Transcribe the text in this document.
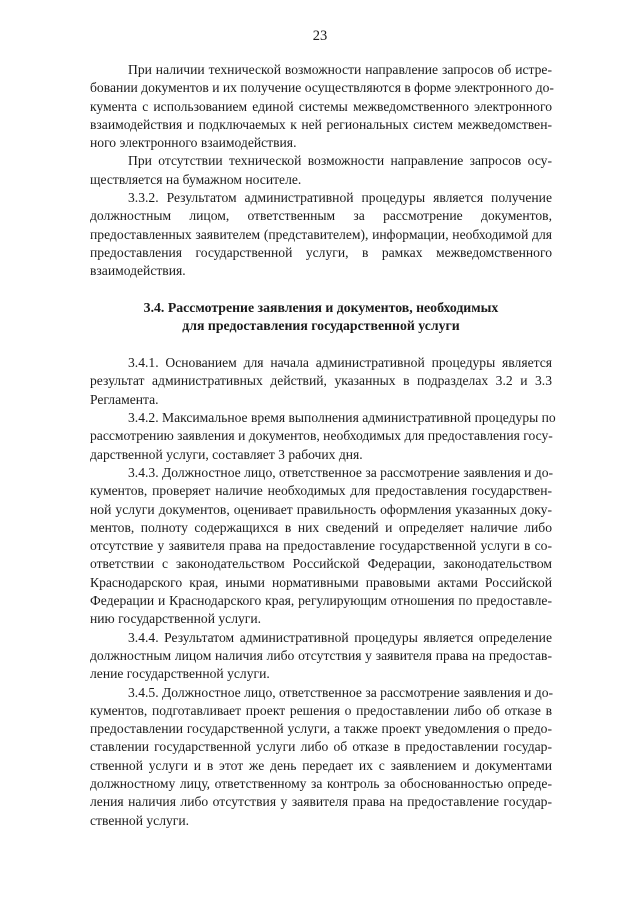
23
При наличии технической возможности направление запросов об истре-
бовании документов и их получение осуществляются в форме электронного до-
кумента с использованием единой системы межведомственного электронного
взаимодействия и подключаемых к ней региональных систем межведомствен-
ного электронного взаимодействия.
При отсутствии технической возможности направление запросов осу-
ществляется на бумажном носителе.
3.3.2. Результатом административной процедуры является получение
должностным лицом, ответственным за рассмотрение документов,
предоставленных заявителем (представителем), информации, необходимой для
предоставления государственной услуги, в рамках межведомственного
взаимодействия.
3.4. Рассмотрение заявления и документов, необходимых
для предоставления государственной услуги
3.4.1. Основанием для начала административной процедуры является
результат административных действий, указанных в подразделах 3.2 и 3.3
Регламента.
3.4.2. Максимальное время выполнения административной процедуры по
рассмотрению заявления и документов, необходимых для предоставления госу-
дарственной услуги, составляет 3 рабочих дня.
3.4.3. Должностное лицо, ответственное за рассмотрение заявления и до-
кументов, проверяет наличие необходимых для предоставления государствен-
ной услуги документов, оценивает правильность оформления указанных доку-
ментов, полноту содержащихся в них сведений и определяет наличие либо
отсутствие у заявителя права на предоставление государственной услуги в со-
ответствии с законодательством Российской Федерации, законодательством
Краснодарского края, иными нормативными правовыми актами Российской
Федерации и Краснодарского края, регулирующим отношения по предоставле-
нию государственной услуги.
3.4.4. Результатом административной процедуры является определение
должностным лицом наличия либо отсутствия у заявителя права на предостав-
ление государственной услуги.
3.4.5. Должностное лицо, ответственное за рассмотрение заявления и до-
кументов, подготавливает проект решения о предоставлении либо об отказе в
предоставлении государственной услуги, а также проект уведомления о предо-
ставлении государственной услуги либо об отказе в предоставлении государ-
ственной услуги и в этот же день передает их с заявлением и документами
должностному лицу, ответственному за контроль за обоснованностью опреде-
ления наличия либо отсутствия у заявителя права на предоставление государ-
ственной услуги.
